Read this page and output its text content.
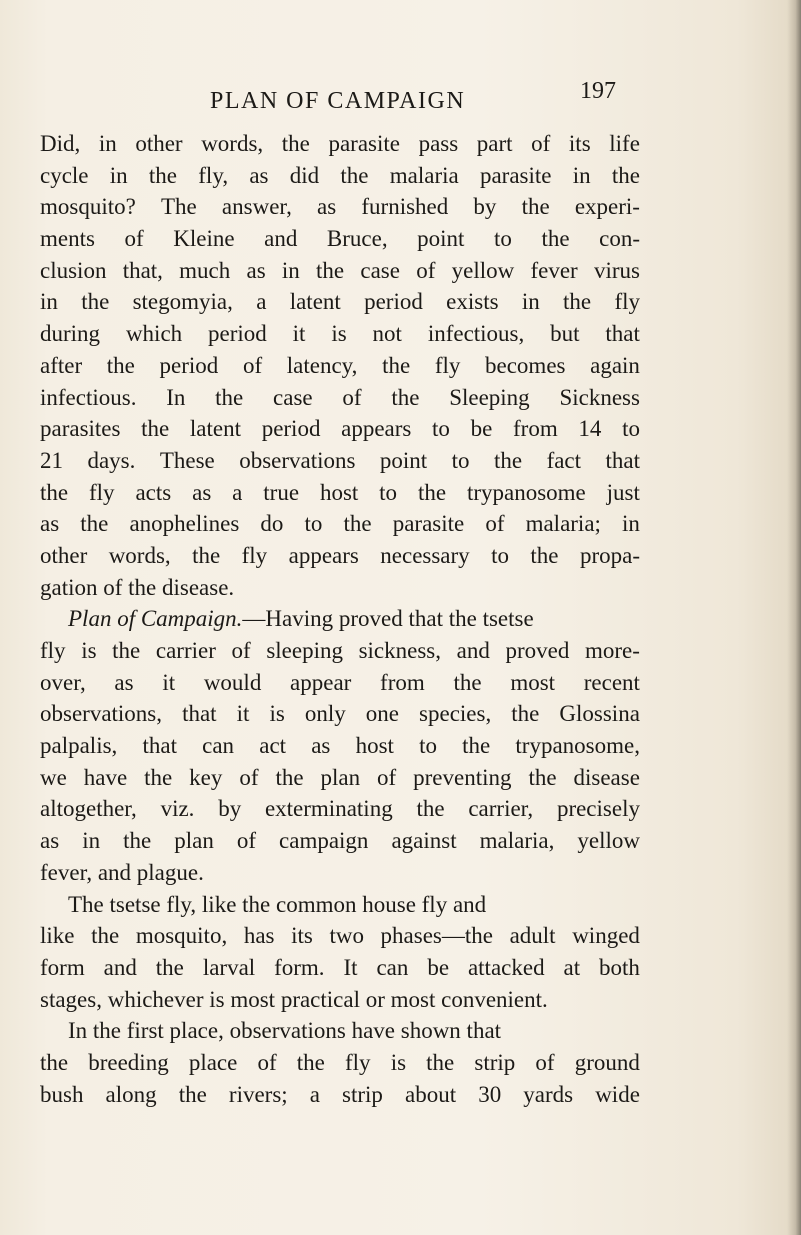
PLAN OF CAMPAIGN	197
Did, in other words, the parasite pass part of its life
cycle in the fly, as did the malaria parasite in the
mosquito? The answer, as furnished by the experi-
ments of Kleine and Bruce, point to the con-
clusion that, much as in the case of yellow fever virus
in the stegomyia, a latent period exists in the fly
during which period it is not infectious, but that
after the period of latency, the fly becomes again
infectious. In the case of the Sleeping Sickness
parasites the latent period appears to be from 14 to
21 days. These observations point to the fact that
the fly acts as a true host to the trypanosome just
as the anophelines do to the parasite of malaria; in
other words, the fly appears necessary to the propa-
gation of the disease.
Plan of Campaign.—Having proved that the tsetse
fly is the carrier of sleeping sickness, and proved more-
over, as it would appear from the most recent
observations, that it is only one species, the Glossina
palpalis, that can act as host to the trypanosome,
we have the key of the plan of preventing the disease
altogether, viz. by exterminating the carrier, precisely
as in the plan of campaign against malaria, yellow
fever, and plague.
The tsetse fly, like the common house fly and
like the mosquito, has its two phases—the adult winged
form and the larval form. It can be attacked at both
stages, whichever is most practical or most convenient.
In the first place, observations have shown that
the breeding place of the fly is the strip of ground
bush along the rivers; a strip about 30 yards wide
